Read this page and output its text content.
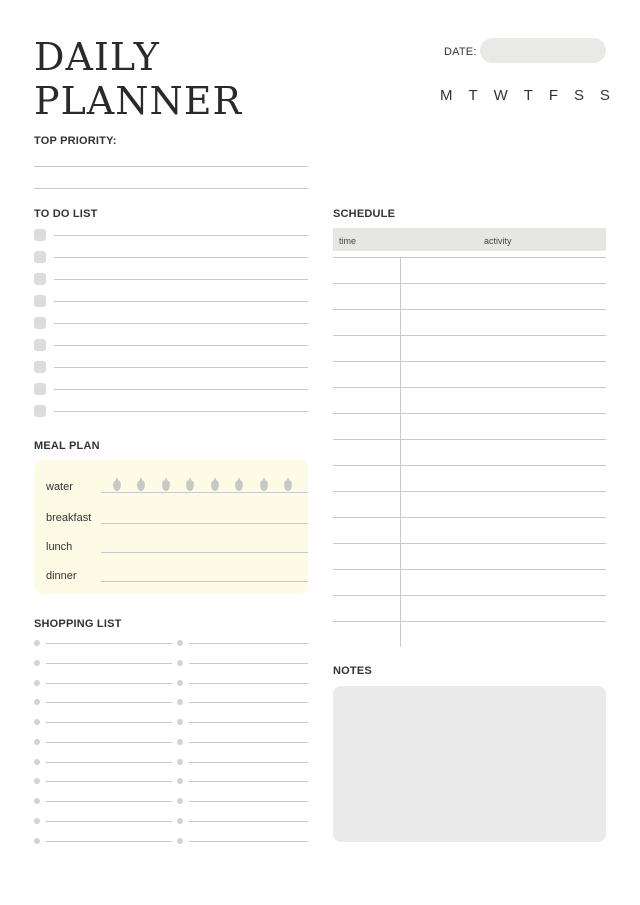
DAILY
PLANNER
DATE:
M T W T F S S
TOP PRIORITY:
TO DO LIST
MEAL PLAN
water
breakfast
lunch
dinner
SHOPPING LIST
SCHEDULE
time	activity
NOTES
